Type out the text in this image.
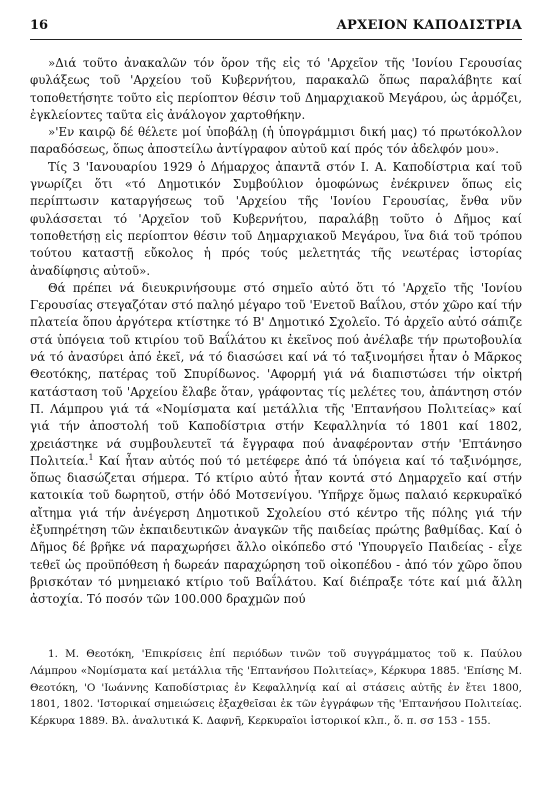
16	ΑΡΧΕΙΟΝ ΚΑΠΟΔΙΣΤΡΙΑ

»Διά τοῦτο ἀνακαλῶν τόν ὅρον τῆς εἰς τό 'Αρχεῖον τῆς 'Ιονίου Γερουσίας φυλάξεως τοῦ 'Αρχείου τοῦ Κυβερνήτου, παρακαλῶ ὅπως παραλάβητε καί τοποθετήσητε τοῦτο εἰς περίοπτον θέσιν τοῦ Δημαρχιακοῦ Μεγάρου, ὡς ἁρμόζει, ἐγκλείοντες ταῦτα εἰς ἀνάλογον χαρτοθήκην.

»'Εν καιρῷ δέ θέλετε μοί ὑποβάλῃ (ἡ ὑπογράμμισι δική μας) τό πρωτόκολλον παραδόσεως, ὅπως ἀποστείλω ἀντίγραφον αὐτοῦ καί πρός τόν ἀδελφόν μου».

Τίς 3 'Ιανουαρίου 1929 ὁ Δήμαρχος ἀπαντᾶ στόν Ι. Α. Καποδίστρια καί τοῦ γνωρίζει ὅτι «τό Δημοτικόν Συμβούλιον ὁμοφώνως ἐνέκρινεν ὅπως εἰς περίπτωσιν καταργήσεως τοῦ 'Αρχείου τῆς 'Ιονίου Γερουσίας, ἔνθα νῦν φυλάσσεται τό 'Αρχεῖον τοῦ Κυβερνήτου, παραλάβῃ τοῦτο ὁ Δῆμος καί τοποθετήσῃ εἰς περίοπτον θέσιν τοῦ Δημαρχιακοῦ Μεγάρου, ἵνα διά τοῦ τρόπου τούτου καταστῇ εὔκολος ἡ πρός τούς μελετητάς τῆς νεωτέρας ἱστορίας ἀναδίφησις αὐτοῦ».

Θά πρέπει νά διευκρινήσουμε στό σημεῖο αὐτό ὅτι τό 'Αρχεῖο τῆς 'Ιονίου Γερουσίας στεγαζόταν στό παληό μέγαρο τοῦ 'Ενετοῦ Βαΐλου, στόν χῶρο καί τήν πλατεία ὅπου ἀργότερα κτίστηκε τό Β' Δημοτικό Σχολεῖο. Τό ἀρχεῖο αὐτό σάπιζε στά ὑπόγεια τοῦ κτιρίου τοῦ Βαΐλάτου κι ἐκεῖνος πού ἀνέλαβε τήν πρωτοβουλία νά τό ἀνασύρει ἀπό ἐκεῖ, νά τό διασώσει καί νά τό ταξινομήσει ἦταν ὁ Μᾶρκος Θεοτόκης, πατέρας τοῦ Σπυρίδωνος. 'Αφορμή γιά νά διαπιστώσει τήν οἰκτρή κατάσταση τοῦ 'Αρχείου ἔλαβε ὅταν, γράφοντας τίς μελέτες του, ἀπάντηση στόν Π. Λάμπρου γιά τά «Νομίσματα καί μετάλλια τῆς 'Επτανήσου Πολιτείας» καί γιά τήν ἀποστολή τοῦ Καποδίστρια στήν Κεφαλληνία τό 1801 καί 1802, χρειάστηκε νά συμβουλευτεῖ τά ἔγγραφα πού ἀναφέρονταν στήν 'Επτάνησο Πολιτεία.$^1$ Καί ἦταν αὐτός πού τό μετέφερε ἀπό τά ὑπόγεια καί τό ταξινόμησε, ὅπως διασώζεται σήμερα. Τό κτίριο αὐτό ἦταν κοντά στό Δημαρχεῖο καί στήν κατοικία τοῦ δωρητοῦ, στήν ὁδό Μοτσενίγου. 'Υπῆρχε ὅμως παλαιό κερκυραϊκό αἴτημα γιά τήν ἀνέγερση Δημοτικοῦ Σχολείου στό κέντρο τῆς πόλης γιά τήν ἐξυπηρέτηση τῶν ἐκπαιδευτικῶν ἀναγκῶν τῆς παιδείας πρώτης βαθμίδας. Καί ὁ Δῆμος δέ βρῆκε νά παραχωρήσει ἄλλο οἰκόπεδο στό 'Υπουργεῖο Παιδείας - εἶχε τεθεῖ ὡς προϋπόθεση ἡ δωρεάν παραχώρηση τοῦ οἰκοπέδου - ἀπό τόν χῶρο ὅπου βρισκόταν τό μνημειακό κτίριο τοῦ Βαΐλάτου. Καί διέπραξε τότε καί μιά ἄλλη ἀστοχία. Τό ποσόν τῶν 100.000 δραχμῶν πού

1. Μ. Θεοτόκη, 'Επικρίσεις ἐπί περιόδων τινῶν τοῦ συγγράμματος τοῦ κ. Παύλου Λάμπρου «Νομίσματα καί μετάλλια τῆς 'Επτανήσου Πολιτείας», Κέρκυρα 1885. 'Επίσης Μ. Θεοτόκη, 'Ο 'Ιωάννης Καποδίστριας ἐν Κεφαλληνίᾳ καί αἱ στάσεις αὐτῆς ἐν ἔτει 1800, 1801, 1802. 'Ιστορικαί σημειώσεις ἐξαχθεῖσαι ἐκ τῶν ἐγγράφων τῆς 'Επτανήσου Πολιτείας. Κέρκυρα 1889. Βλ. ἀναλυτικά Κ. Δαφνῆ, Κερκυραϊοι ἱστορικοί κλπ., ὅ. π. σσ 153 - 155.
